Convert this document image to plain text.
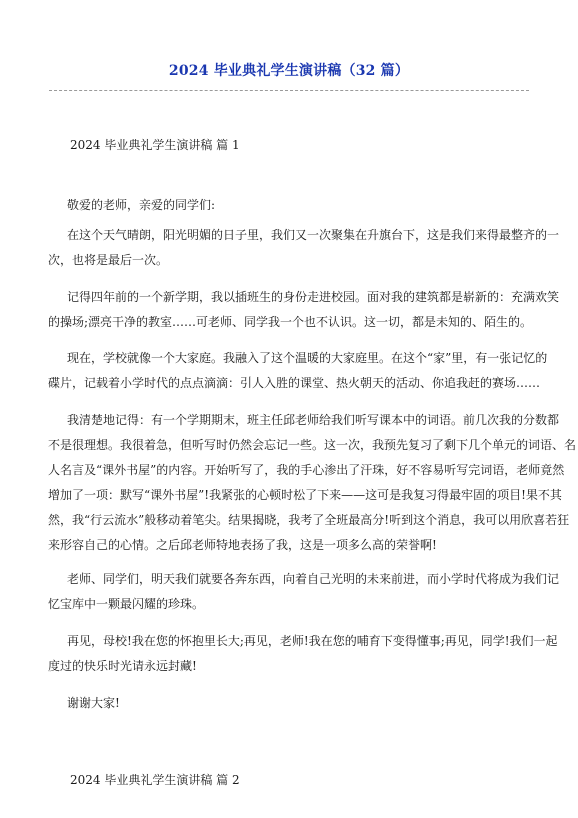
2024 毕业典礼学生演讲稿（32 篇）
2024 毕业典礼学生演讲稿 篇 1
敬爱的老师，亲爱的同学们:
在这个天气晴朗，阳光明媚的日子里，我们又一次聚集在升旗台下，这是我们来得最整齐的一
次，也将是最后一次。
记得四年前的一个新学期，我以插班生的身份走进校园。面对我的建筑都是崭新的：充满欢笑
的操场;漂亮干净的教室……可老师、同学我一个也不认识。这一切，都是未知的、陌生的。
现在，学校就像一个大家庭。我融入了这个温暖的大家庭里。在这个“家”里，有一张记忆的
碟片，记载着小学时代的点点滴滴：引人入胜的课堂、热火朝天的活动、你追我赶的赛场……
我清楚地记得：有一个学期期末，班主任邱老师给我们听写课本中的词语。前几次我的分数都
不是很理想。我很着急，但听写时仍然会忘记一些。这一次，我预先复习了剩下几个单元的词语、名
人名言及“课外书屋”的内容。开始听写了，我的手心渗出了汗珠，好不容易听写完词语，老师竟然
增加了一项：默写“课外书屋”!我紧张的心顿时松了下来——这可是我复习得最牢固的项目!果不其
然，我“行云流水”般移动着笔尖。结果揭晓，我考了全班最高分!听到这个消息，我可以用欣喜若狂
来形容自己的心情。之后邱老师特地表扬了我，这是一项多么高的荣誉啊!
老师、同学们，明天我们就要各奔东西，向着自己光明的未来前进，而小学时代将成为我们记
忆宝库中一颗最闪耀的珍珠。
再见，母校!我在您的怀抱里长大;再见，老师!我在您的哺育下变得懂事;再见，同学!我们一起
度过的快乐时光请永远封藏!
谢谢大家!
2024 毕业典礼学生演讲稿 篇 2
